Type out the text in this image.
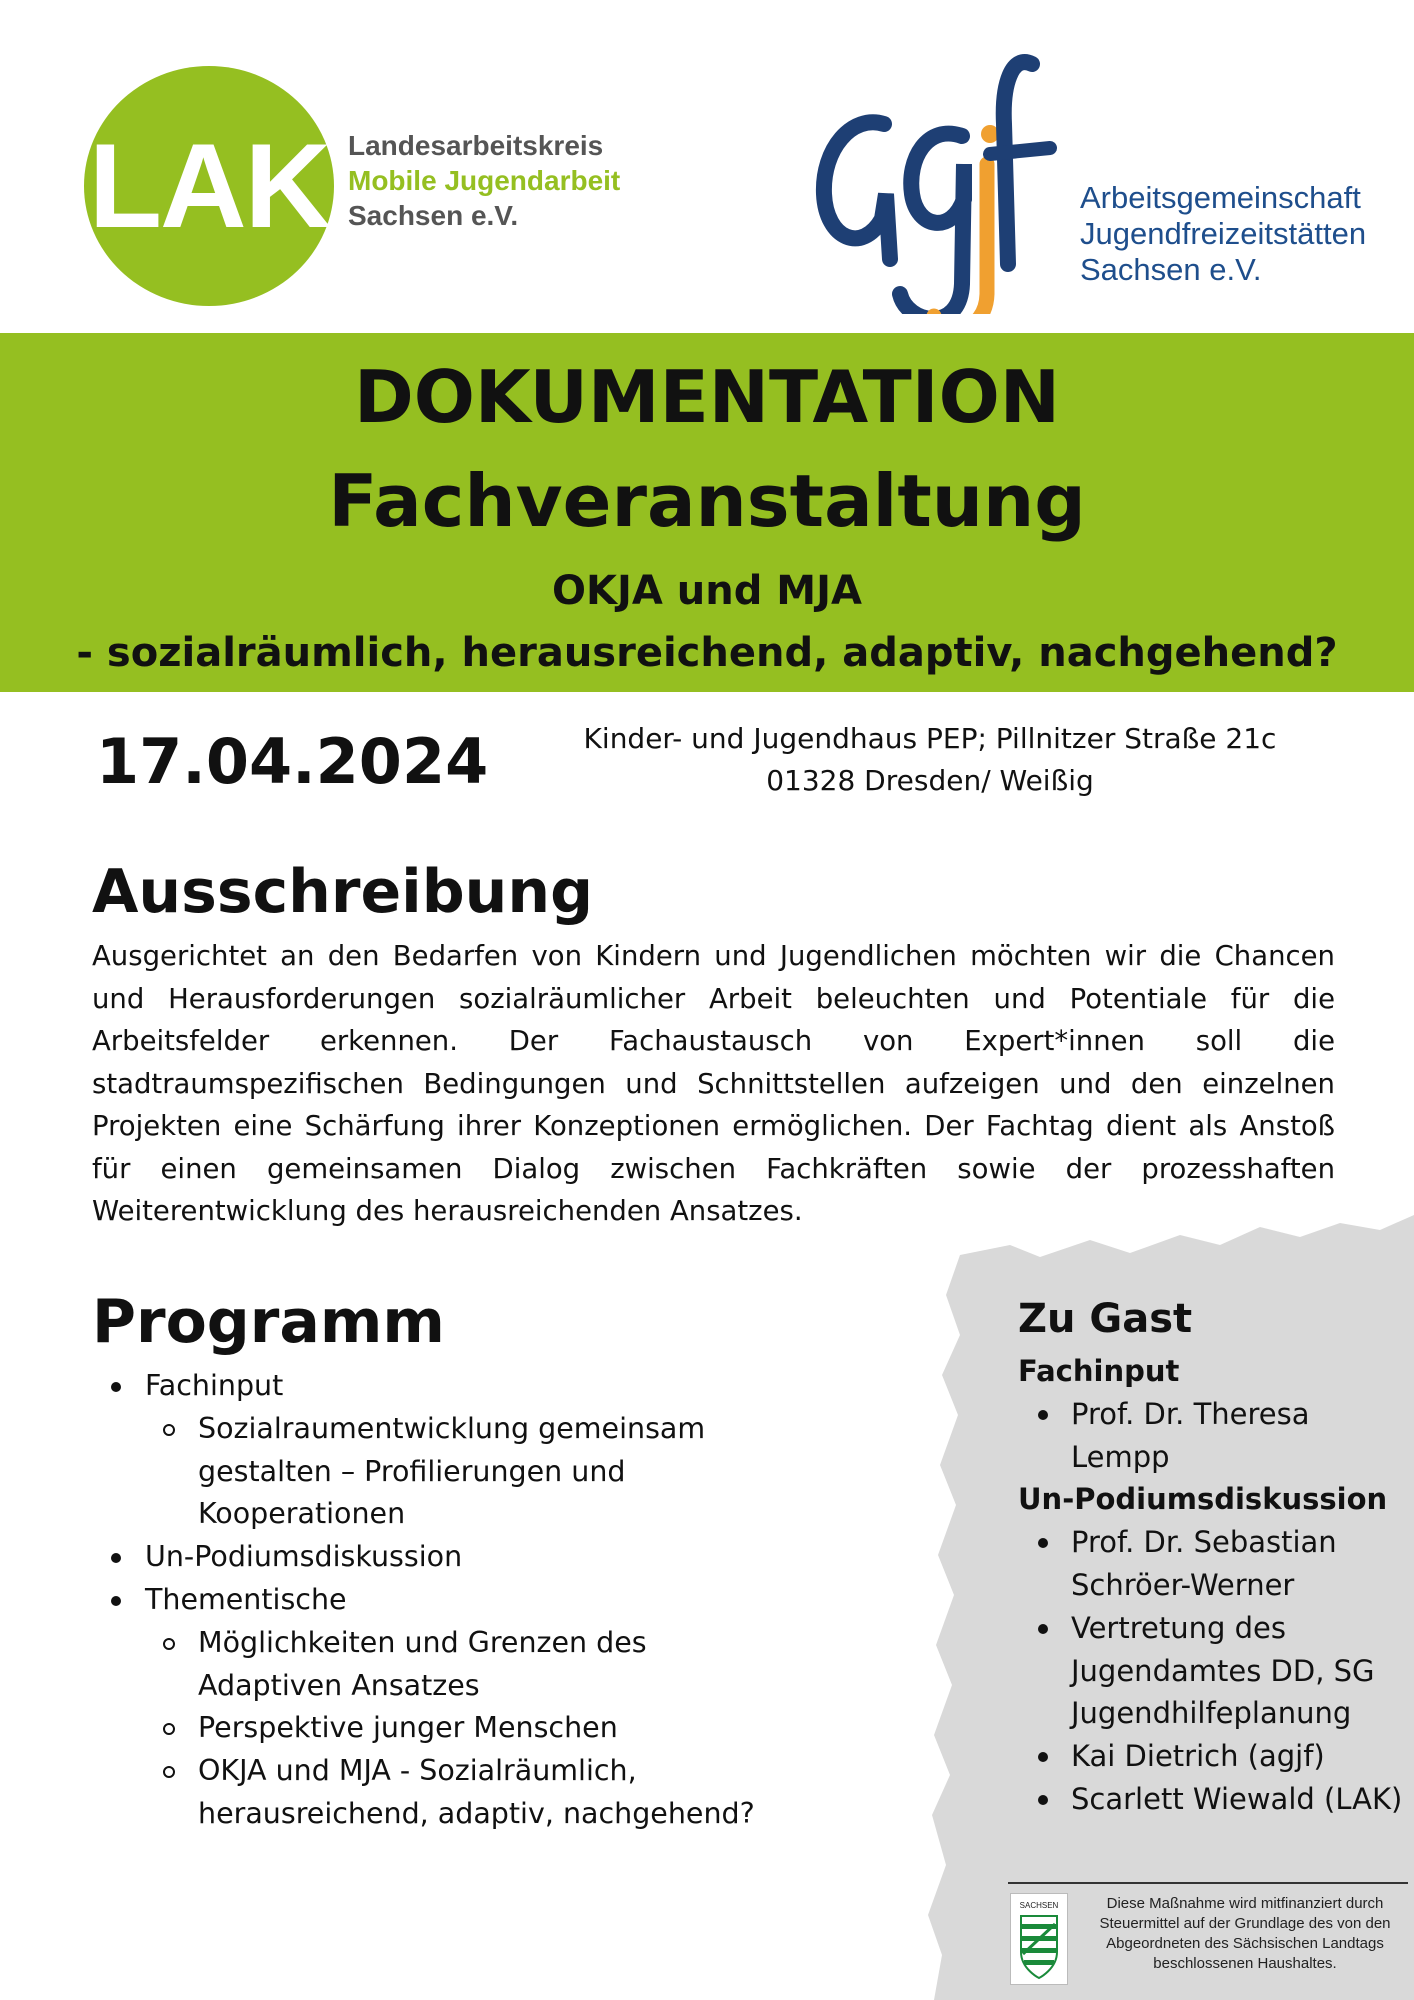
LAK Landesarbeitskreis
Mobile Jugendarbeit
Sachsen e.V.
Arbeitsgemeinschaft
Jugendfreizeitstätten
Sachsen e.V.
DOKUMENTATION
Fachveranstaltung
OKJA und MJA
- sozialräumlich, herausreichend, adaptiv, nachgehend?
17.04.2024	Kinder- und Jugendhaus PEP; Pillnitzer Straße 21c
01328 Dresden/ Weißig
Ausschreibung
Ausgerichtet an den Bedarfen von Kindern und Jugendlichen möchten wir die Chancen und Herausforderungen sozialräumlicher Arbeit beleuchten und Potentiale für die Arbeitsfelder erkennen. Der Fachaustausch von Expert*innen soll die stadtraumspezifischen Bedingungen und Schnittstellen aufzeigen und den einzelnen Projekten eine Schärfung ihrer Konzeptionen ermöglichen. Der Fachtag dient als Anstoß für einen gemeinsamen Dialog zwischen Fachkräften sowie der prozesshaften Weiterentwicklung des herausreichenden Ansatzes.
Programm
Fachinput
Sozialraumentwicklung gemeinsam gestalten – Profilierungen und Kooperationen
Un-Podiumsdiskussion
Thementische
Möglichkeiten und Grenzen des Adaptiven Ansatzes
Perspektive junger Menschen
OKJA und MJA - Sozialräumlich, herausreichend, adaptiv, nachgehend?
Zu Gast
Fachinput
Prof. Dr. Theresa Lempp
Un-Podiumsdiskussion
Prof. Dr. Sebastian Schröer-Werner
Vertretung des Jugendamtes DD, SG Jugendhilfeplanung
Kai Dietrich (agjf)
Scarlett Wiewald (LAK)
SACHSEN	Diese Maßnahme wird mitfinanziert durch Steuermittel auf der Grundlage des von den Abgeordneten des Sächsischen Landtags beschlossenen Haushaltes.
